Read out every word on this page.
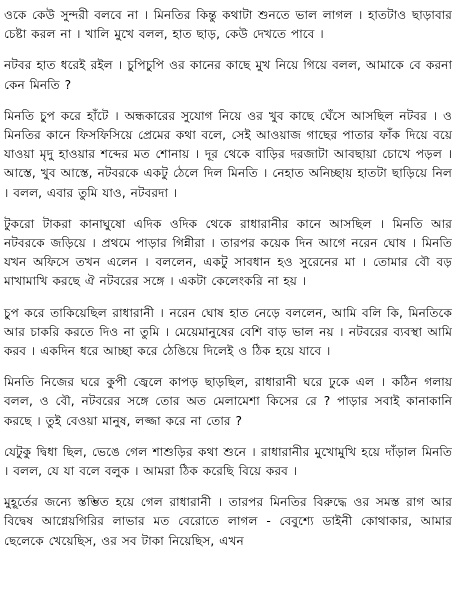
ওকে কেউ সুন্দরী বলবে না । মিনতির কিন্তু কথাটা শুনতে ভাল লাগল । হাতটাও ছাড়াবার চেষ্টা করল না । খালি মুখে বলল, হাত ছাড়, কেউ দেখতে পাবে ।

নটবর হাত ধরেই রইল । চুপিচুপি ওর কানের কাছে মুখ নিয়ে গিয়ে বলল, আমাকে বে করনা কেন মিনতি ?

মিনতি চুপ করে হাঁটে । অন্ধকারের সুযোগ নিয়ে ওর খুব কাছে ঘেঁসে আসছিল নটবর । ও মিনতির কানে ফিসফিসিয়ে প্রেমের কথা বলে, সেই আওয়াজ গাছের পাতার ফাঁক দিয়ে বয়ে যাওয়া মৃদু হাওয়ার শব্দের মত শোনায় । দূর থেকে বাড়ির দরজাটা আবছায়া চোখে পড়ল । আস্তে, খুব আস্তে, নটবরকে একটু ঠেলে দিল মিনতি । নেহাত অনিচ্ছায় হাতটা ছাড়িয়ে নিল । বলল, এবার তুমি যাও, নটবরদা ।

টুকরো টাকরা কানাঘুষো এদিক ওদিক থেকে রাধারানীর কানে আসছিল । মিনতি আর নটবরকে জড়িয়ে । প্রথমে পাড়ার গিন্নীরা । তারপর কয়েক দিন আগে নরেন ঘোষ । মিনতি যখন অফিসে তখন এলেন । বললেন, একটু সাবধান হও সুরেনের মা । তোমার বৌ বড় মাখামাখি করছে ঐ নটবরের সঙ্গে । একটা কেলেংকরি না হয় ।

চুপ করে তাকিয়েছিল রাধারানী । নরেন ঘোষ হাত নেড়ে বললেন, আমি বলি কি, মিনতিকে আর চাকরি করতে দিও না তুমি । মেয়েমানুষের বেশি বাড় ভাল নয় । নটবরের ব্যবস্থা আমি করব । একদিন ধরে আচ্ছা করে ঠেঙিয়ে দিলেই ও ঠিক হয়ে যাবে ।

মিনতি নিজের ঘরে কুপী জ্বেলে কাপড় ছাড়ছিল, রাধারানী ঘরে ঢুকে এল । কঠিন গলায় বলল, ও বৌ, নটবরের সঙ্গে তোর অত মেলামেশা কিসের রে ? পাড়ার সবাই কানাকানি করছে । তুই বেওয়া মানুষ, লজ্জা করে না তোর ?

যেটুকু দ্বিধা ছিল, ভেঙে গেল শাশুড়ির কথা শুনে । রাধারানীর মুখোমুখি হয়ে দাঁড়াল মিনতি । বলল, যে যা বলে বলুক । আমরা ঠিক করেছি বিয়ে করব ।

মুহূর্তের জন্যে স্তম্ভিত হয়ে গেল রাধারানী । তারপর মিনতির বিরুদ্ধে ওর সমস্ত রাগ আর বিদ্বেষ আগ্নেয়গিরির লাভার মত বেরোতে লাগল - বেবুশ্যে ডাইনী কোথাকার, আমার ছেলেকে খেয়েছিস, ওর সব টাকা নিয়েছিস, এখন
